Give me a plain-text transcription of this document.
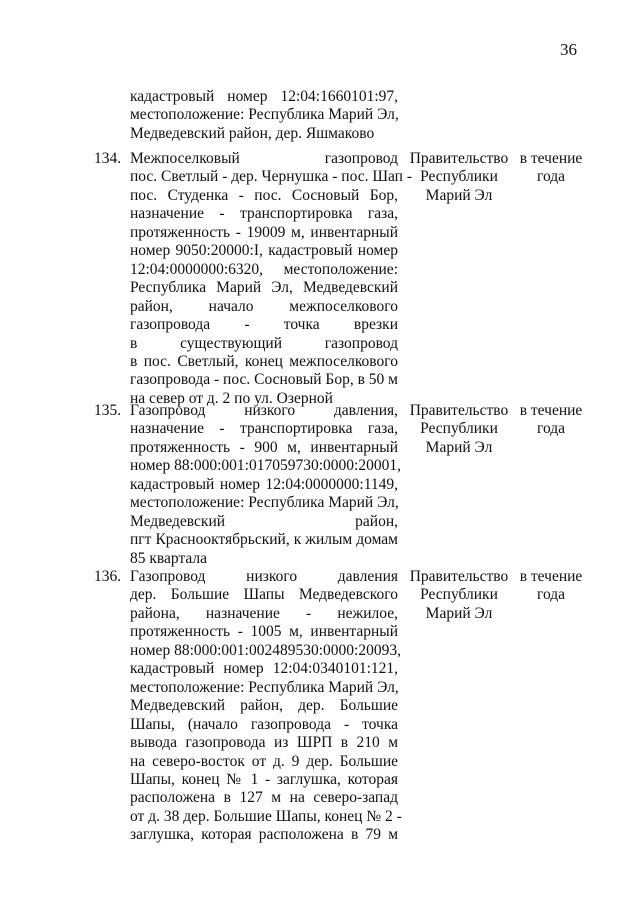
36
кадастровый номер 12:04:1660101:97,
местоположение: Республика Марий Эл,
Медведевский район, дер. Яшмаково
134. Межпоселковый газопровод
пос. Светлый - дер. Чернушка - пос. Шап -
пос. Студенка - пос. Сосновый Бор,
назначение - транспортировка газа,
протяженность - 19009 м, инвентарный
номер 9050:20000:I, кадастровый номер
12:04:0000000:6320, местоположение:
Республика Марий Эл, Медведевский
район, начало межпоселкового
газопровода - точка врезки
в существующий газопровод
в пос. Светлый, конец межпоселкового
газопровода - пос. Сосновый Бор, в 50 м
на север от д. 2 по ул. Озерной
Правительство
Республики
Марий Эл
в течение
года
135. Газопровод низкого давления,
назначение - транспортировка газа,
протяженность - 900 м, инвентарный
номер 88:000:001:017059730:0000:20001,
кадастровый номер 12:04:0000000:1149,
местоположение: Республика Марий Эл,
Медведевский район,
пгт Краснооктябрьский, к жилым домам
85 квартала
Правительство
Республики
Марий Эл
в течение
года
136. Газопровод низкого давления
дер. Большие Шапы Медведевского
района, назначение - нежилое,
протяженность - 1005 м, инвентарный
номер 88:000:001:002489530:0000:20093,
кадастровый номер 12:04:0340101:121,
местоположение: Республика Марий Эл,
Медведевский район, дер. Большие
Шапы, (начало газопровода - точка
вывода газопровода из ШРП в 210 м
на северо-восток от д. 9 дер. Большие
Шапы, конец № 1 - заглушка, которая
расположена в 127 м на северо-запад
от д. 38 дер. Большие Шапы, конец № 2 -
заглушка, которая расположена в 79 м
Правительство
Республики
Марий Эл
в течение
года
